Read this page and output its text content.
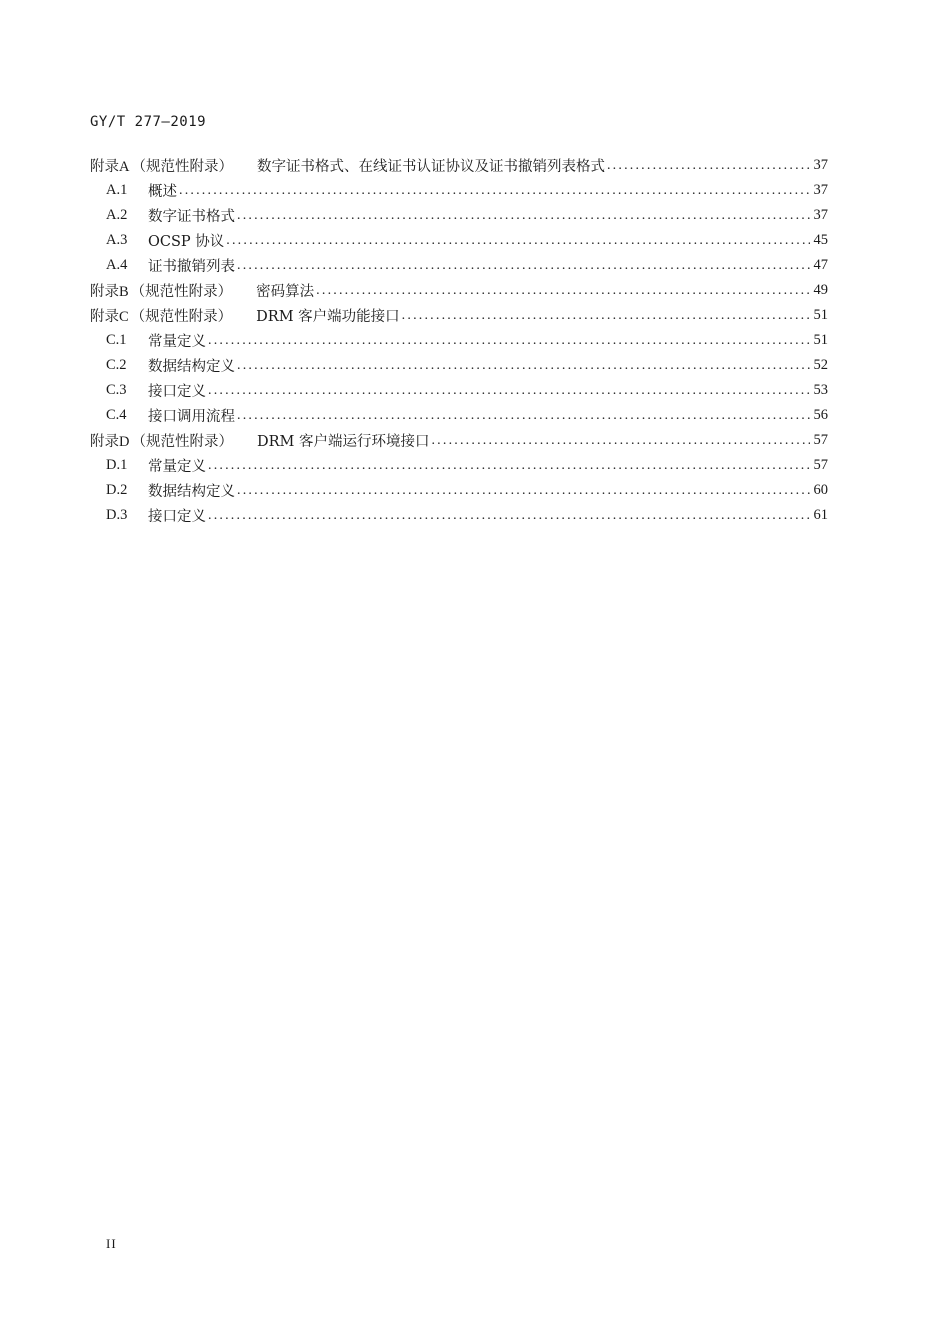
GY/T 277—2019
附录A （规范性附录） 数字证书格式、在线证书认证协议及证书撤销列表格式 .....	37
A.1	概述 .....	37
A.2	数字证书格式 .....	37
A.3	OCSP 协议 .....	45
A.4	证书撤销列表 .....	47
附录B （规范性附录） 密码算法 .....	49
附录C （规范性附录） DRM 客户端功能接口 .....	51
C.1	常量定义 .....	51
C.2	数据结构定义 .....	52
C.3	接口定义 .....	53
C.4	接口调用流程 .....	56
附录D （规范性附录） DRM 客户端运行环境接口 .....	57
D.1	常量定义 .....	57
D.2	数据结构定义 .....	60
D.3	接口定义 .....	61
II
